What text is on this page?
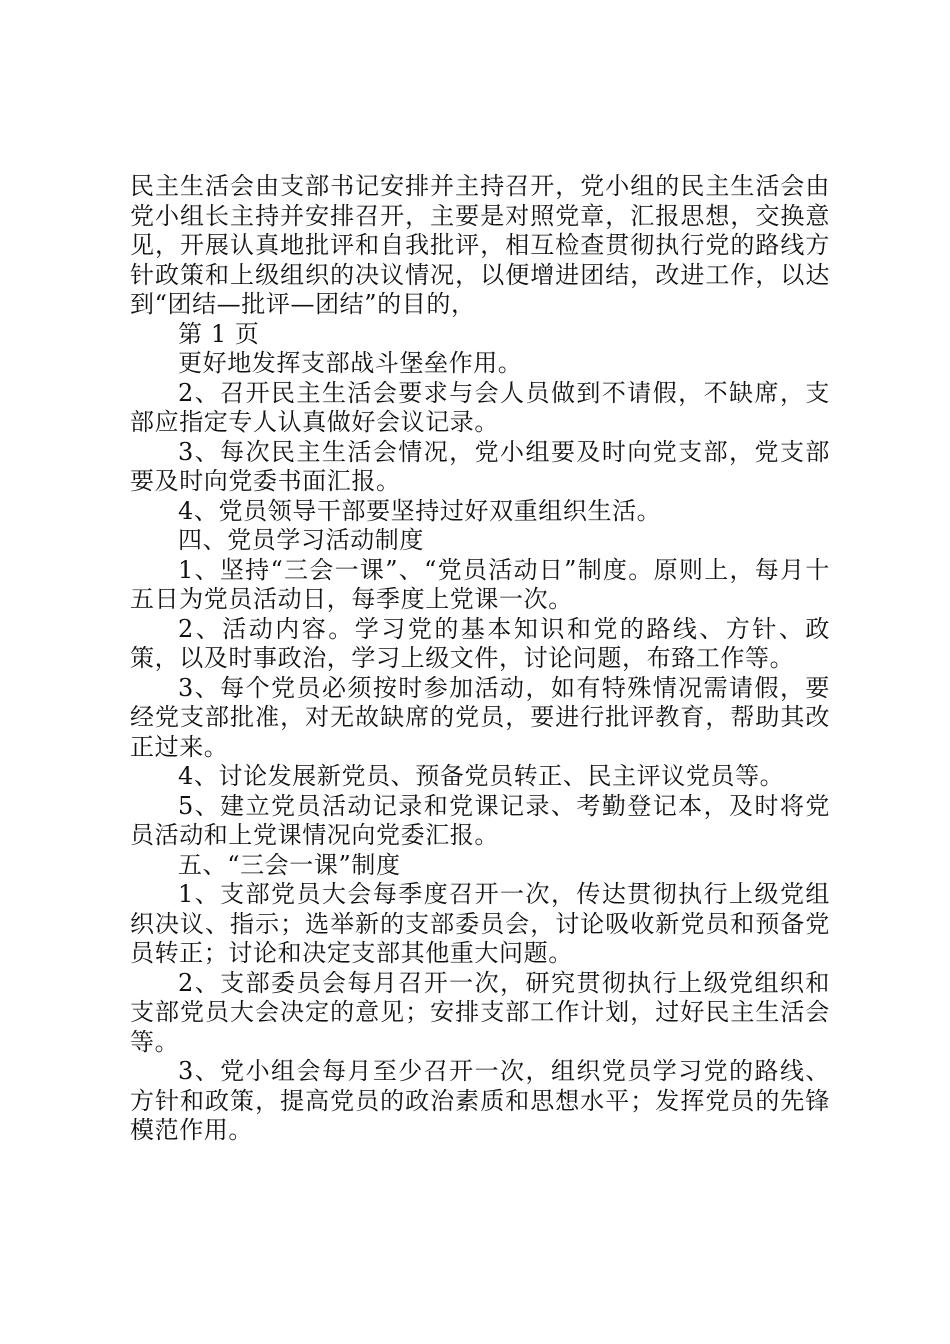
民主生活会由支部书记安排并主持召开，党小组的民主生活会由党小组长主持并安排召开，主要是对照党章，汇报思想，交换意见，开展认真地批评和自我批评，相互检查贯彻执行党的路线方针政策和上级组织的决议情况，以便增进团结，改进工作，以达到“团结—批评—团结”的目的，

第 1 页

更好地发挥支部战斗堡垒作用。

2、召开民主生活会要求与会人员做到不请假，不缺席，支部应指定专人认真做好会议记录。

3、每次民主生活会情况，党小组要及时向党支部，党支部要及时向党委书面汇报。

4、党员领导干部要坚持过好双重组织生活。

四、党员学习活动制度

1、坚持“三会一课”、“党员活动日”制度。原则上，每月十五日为党员活动日，每季度上党课一次。

2、活动内容。学习党的基本知识和党的路线、方针、政策，以及时事政治，学习上级文件，讨论问题，布臵工作等。

3、每个党员必须按时参加活动，如有特殊情况需请假，要经党支部批准，对无故缺席的党员，要进行批评教育，帮助其改正过来。

4、讨论发展新党员、预备党员转正、民主评议党员等。

5、建立党员活动记录和党课记录、考勤登记本，及时将党员活动和上党课情况向党委汇报。

五、“三会一课”制度

1、支部党员大会每季度召开一次，传达贯彻执行上级党组织决议、指示；选举新的支部委员会，讨论吸收新党员和预备党员转正；讨论和决定支部其他重大问题。

2、支部委员会每月召开一次，研究贯彻执行上级党组织和支部党员大会决定的意见；安排支部工作计划，过好民主生活会等。

3、党小组会每月至少召开一次，组织党员学习党的路线、方针和政策，提高党员的政治素质和思想水平；发挥党员的先锋模范作用。
